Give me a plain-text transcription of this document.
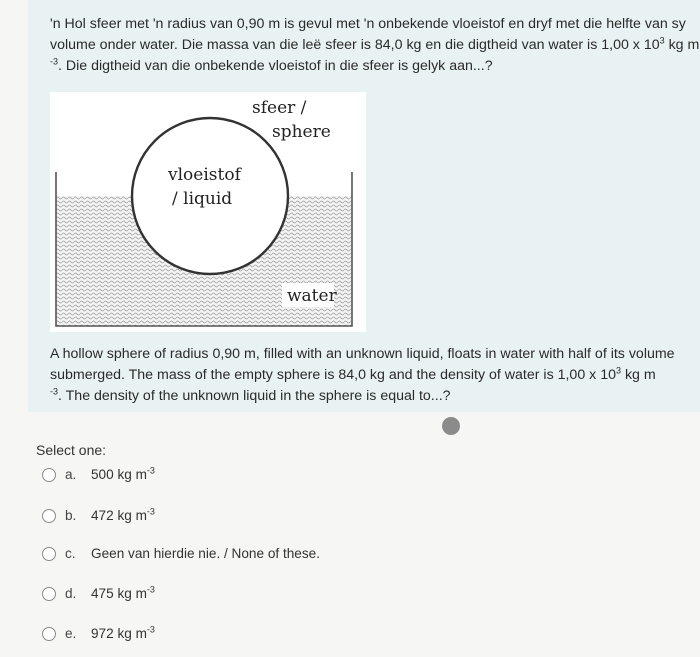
'n Hol sfeer met 'n radius van 0,90 m is gevul met 'n onbekende vloeistof en dryf met die helfte van sy volume onder water. Die massa van die leë sfeer is 84,0 kg en die digtheid van water is 1,00 x $10^3$ kg m
$^{-3}$. Die digtheid van die onbekende vloeistof in die sfeer is gelyk aan...?
sfeer /
sphere
vloeistof
/ liquid
water
A hollow sphere of radius 0,90 m, filled with an unknown liquid, floats in water with half of its volume submerged. The mass of the empty sphere is 84,0 kg and the density of water is 1,00 x $10^3$ kg m
$^{-3}$. The density of the unknown liquid in the sphere is equal to...?
Select one:
a.	500 kg $m^{-3}$
b.	472 kg $m^{-3}$
c.	Geen van hierdie nie. / None of these.
d.	475 kg $m^{-3}$
e.	972 kg $m^{-3}$
